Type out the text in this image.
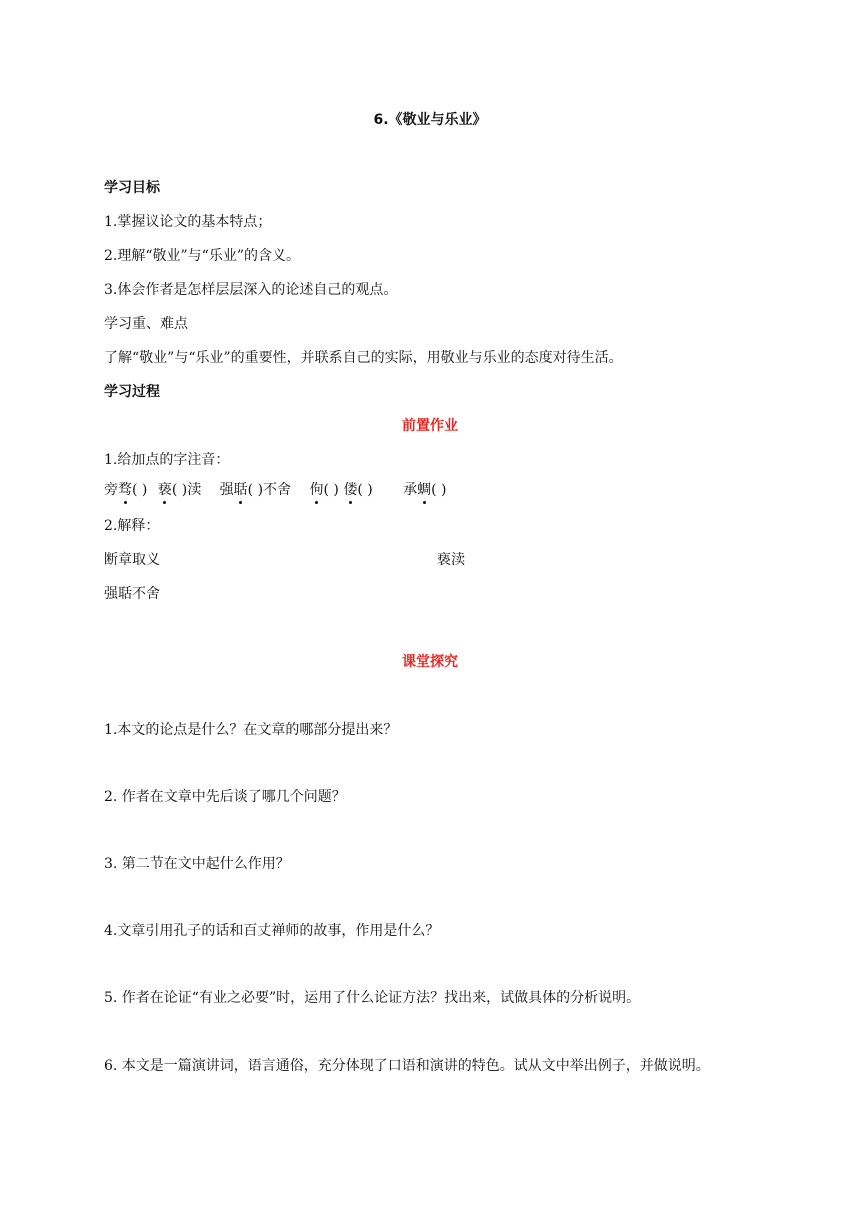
6.《敬业与乐业》
学习目标
1.掌握议论文的基本特点；
2.理解“敬业”与“乐业”的含义。
3.体会作者是怎样层层深入的论述自己的观点。
学习重、难点
了解“敬业”与“乐业”的重要性，并联系自己的实际，用敬业与乐业的态度对待生活。
学习过程
前置作业
1.给加点的字注音：
旁骛( ) 亵( )渎 强聒( )不舍 佝( ) 偻( ) 承蜩( )
2.解释：
断章取义	亵渎
强聒不舍
课堂探究
1.本文的论点是什么？在文章的哪部分提出来？
2. 作者在文章中先后谈了哪几个问题？
3. 第二节在文中起什么作用？
4.文章引用孔子的话和百丈禅师的故事，作用是什么？
5. 作者在论证“有业之必要”时，运用了什么论证方法？找出来，试做具体的分析说明。
6. 本文是一篇演讲词，语言通俗，充分体现了口语和演讲的特色。试从文中举出例子，并做说明。
